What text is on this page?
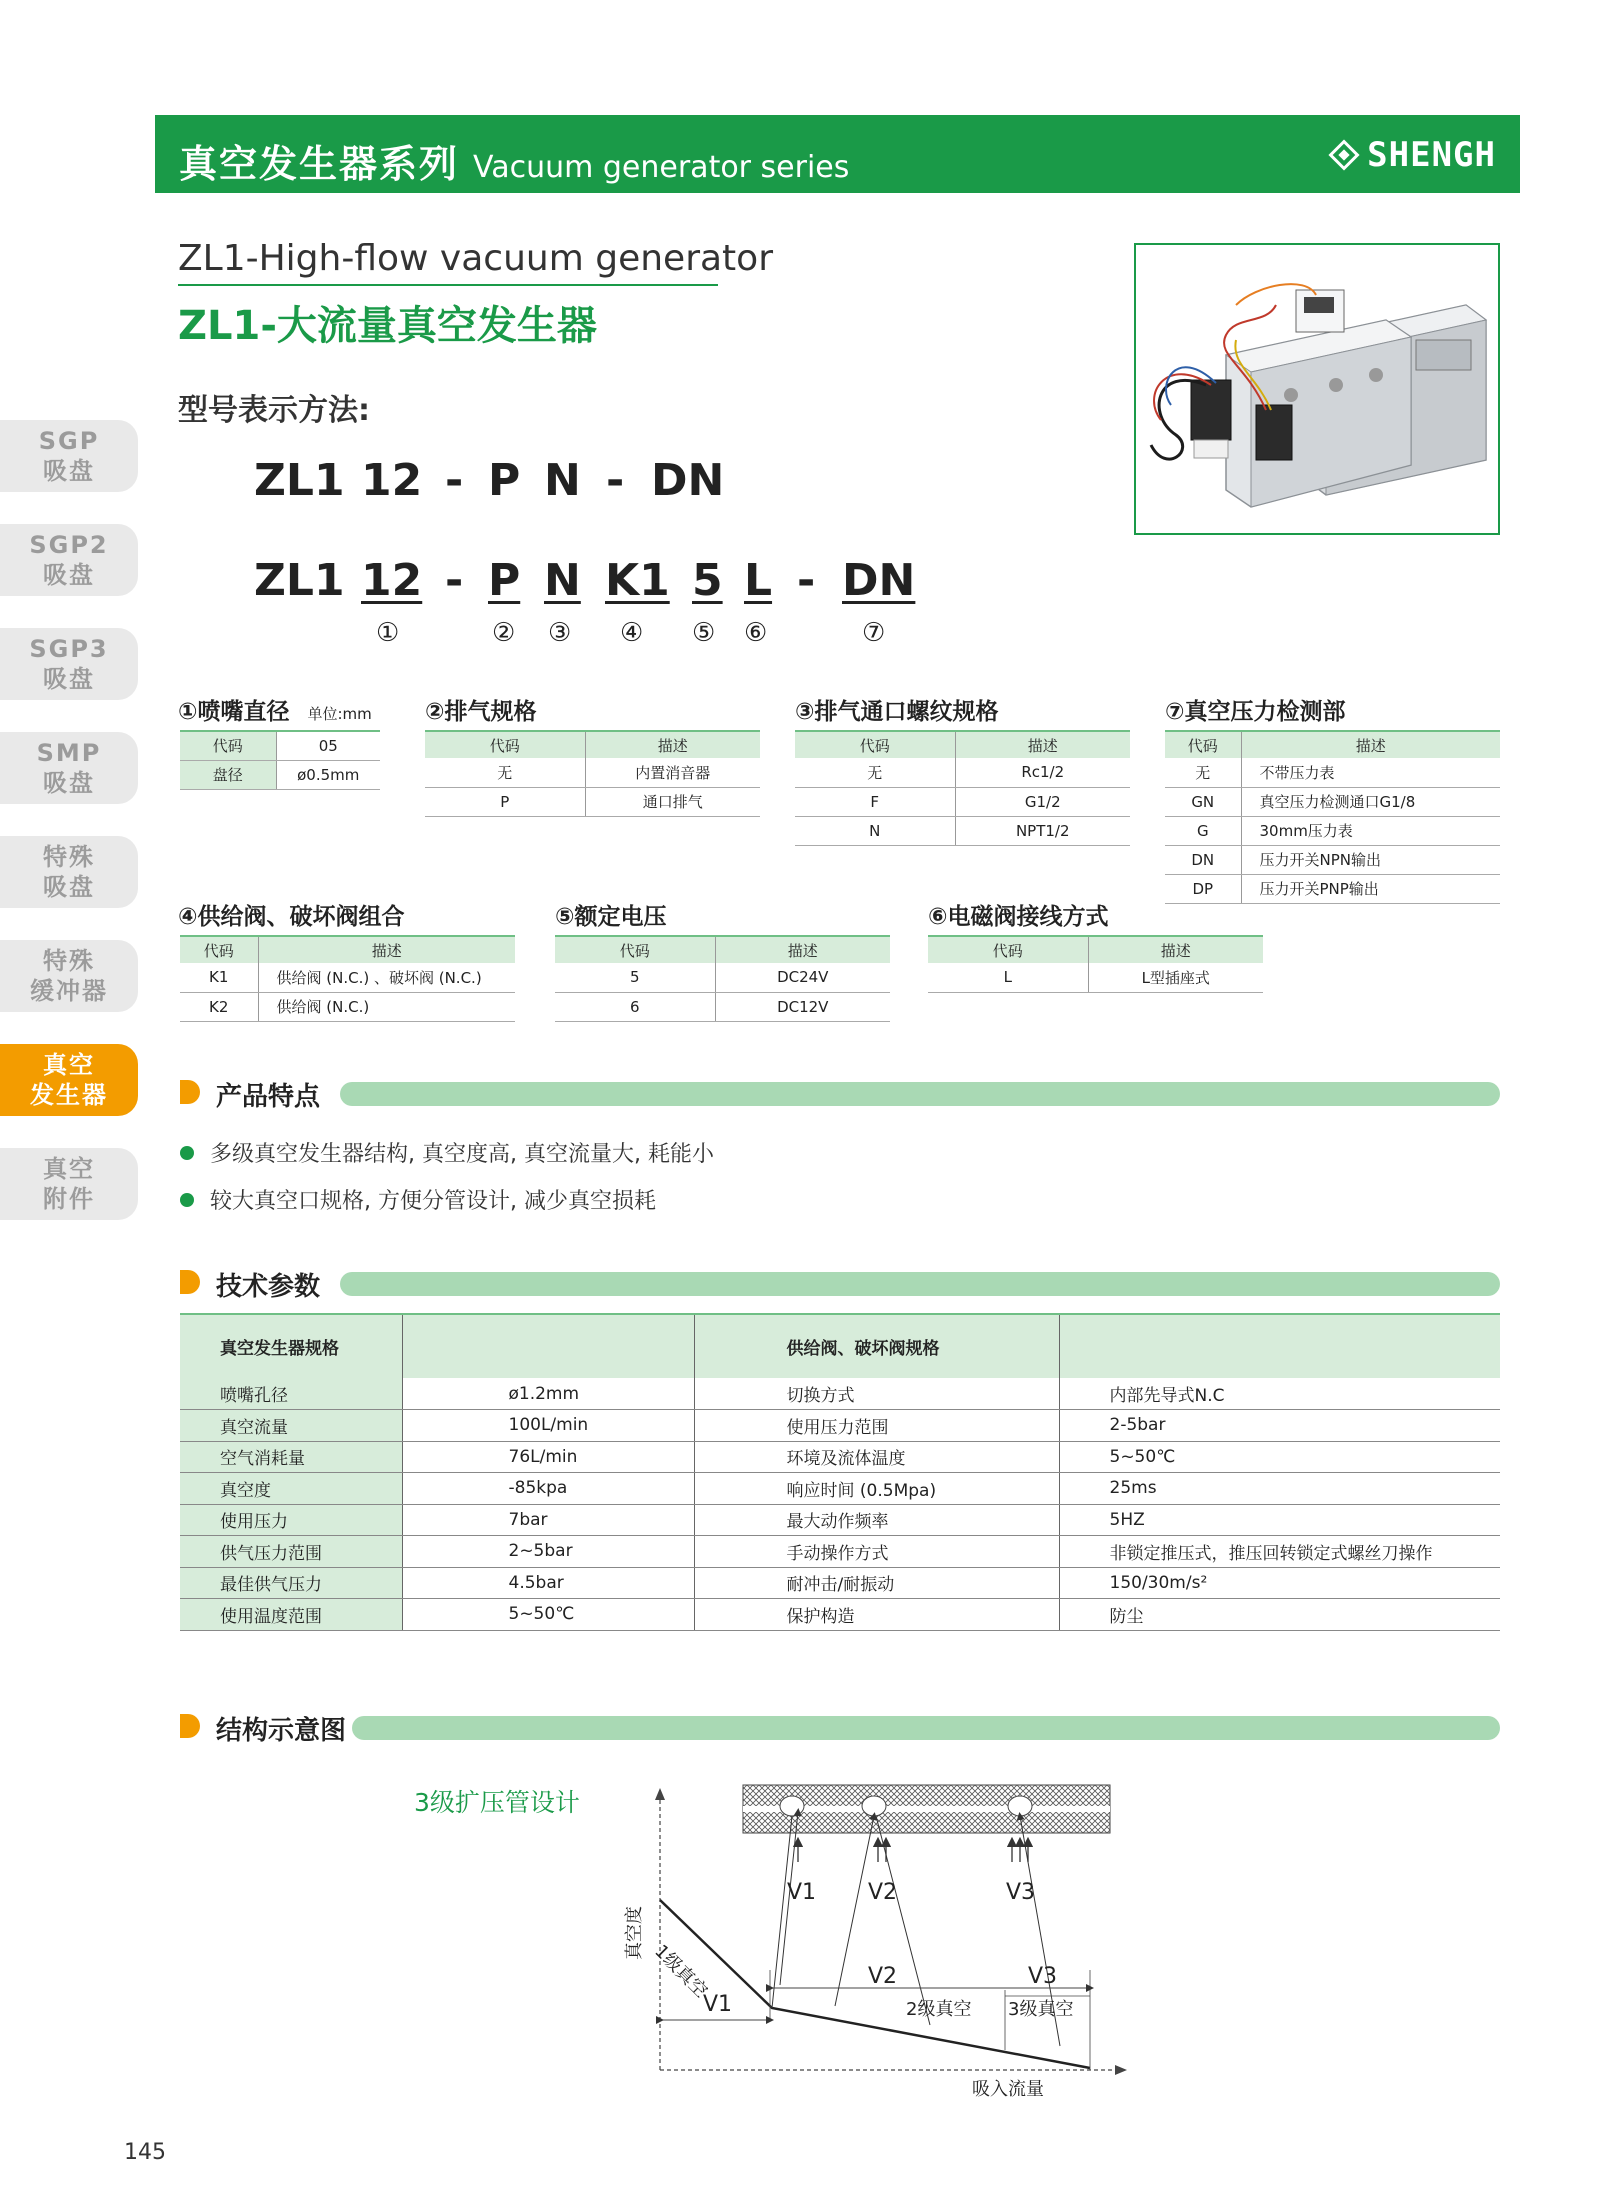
真空发生器系列 Vacuum generator series	SHENGH
ZL1-High-flow vacuum generator
ZL1-大流量真空发生器
型号表示方法:
ZL1 12 - P N - DN
ZL1 12 - P N K1 5 L - DN
①	② ③ ④ ⑤ ⑥	⑦
SGP
吸盘
SGP2
吸盘
SGP3
吸盘
SMP
吸盘
特殊
吸盘
特殊
缓冲器
真空
发生器
真空
附件
①喷嘴直径 单位:mm
代码	05
盘径	ø0.5mm
②排气规格
代码	描述
无	内置消音器
P	通口排气
③排气通口螺纹规格
代码	描述
无	Rc1/2
F	G1/2
N	NPT1/2
⑦真空压力检测部
代码	描述
无	不带压力表
GN	真空压力检测通口G1/8
G	30mm压力表
DN	压力开关NPN输出
DP	压力开关PNP输出
④供给阀、破坏阀组合
代码	描述
K1	供给阀 (N.C.) 、破坏阀 (N.C.)
K2	供给阀 (N.C.)
⑤额定电压
代码	描述
5	DC24V
6	DC12V
⑥电磁阀接线方式
代码	描述
L	L型插座式
产品特点
多级真空发生器结构, 真空度高, 真空流量大, 耗能小
较大真空口规格, 方便分管设计, 减少真空损耗
技术参数
真空发生器规格		供给阀、破坏阀规格	
喷嘴孔径	ø1.2mm	切换方式	内部先导式N.C
真空流量	100L/min	使用压力范围	2-5bar
空气消耗量	76L/min	环境及流体温度	5~50℃
真空度	-85kpa	响应时间 (0.5Mpa)	25ms
使用压力	7bar	最大动作频率	5HZ
供气压力范围	2~5bar	手动操作方式	非锁定推压式，推压回转锁定式螺丝刀操作
最佳供气压力	4.5bar	耐冲击/耐振动	150/30m/s²
使用温度范围	5~50℃	保护构造	防尘
结构示意图
3级扩压管设计
V1 V2	V3
V1
V2	V3
2级真空 3级真空
1级真空
真空度
吸入流量
145
